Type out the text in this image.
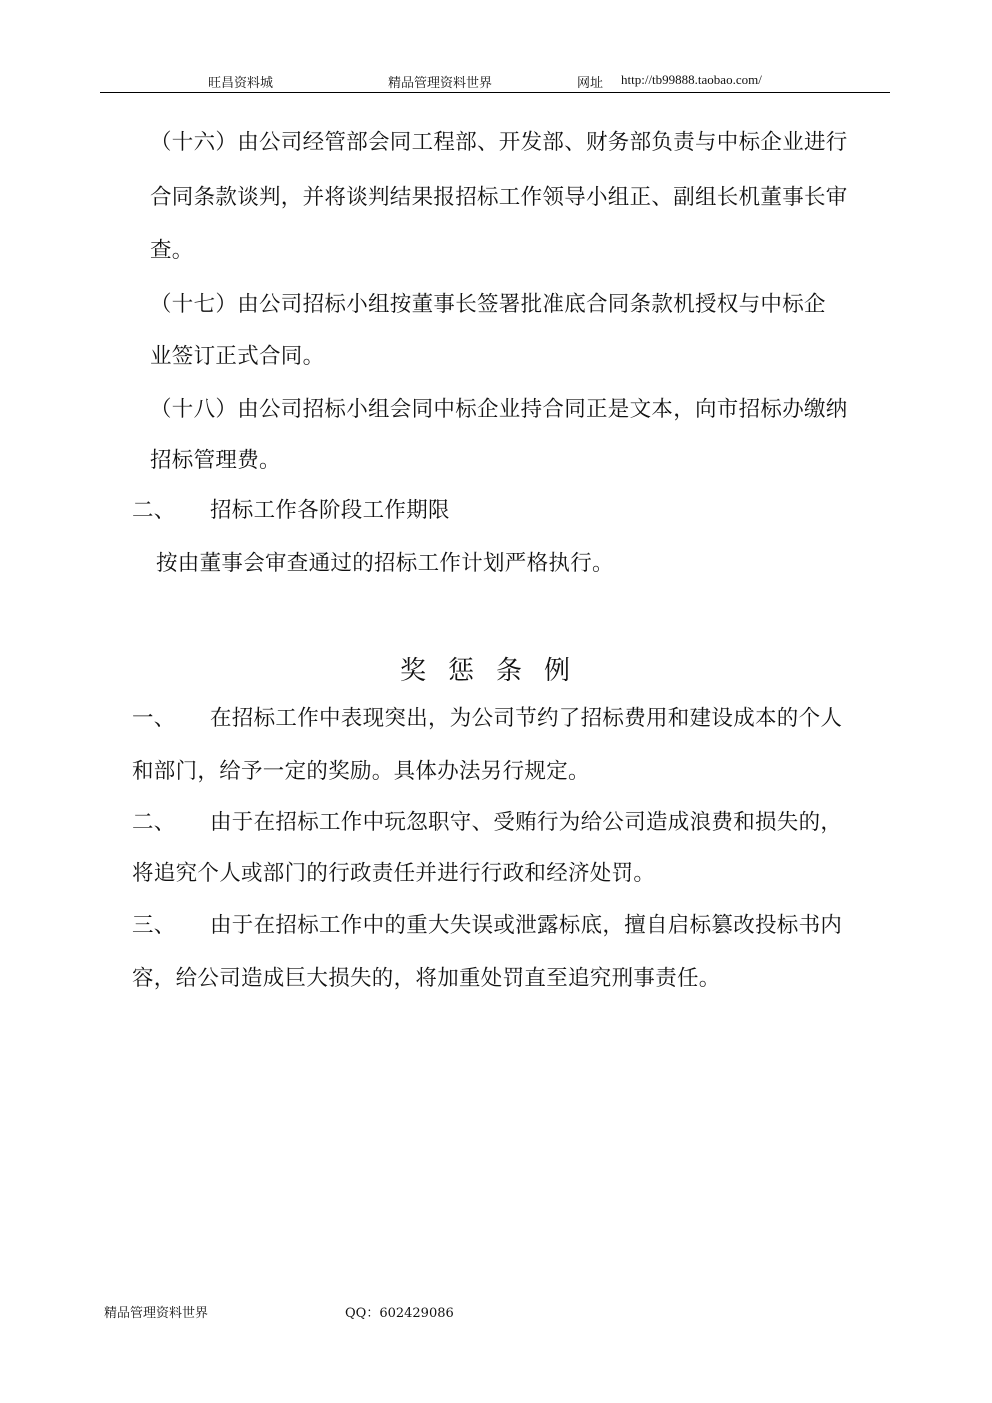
旺昌资料城	精品管理资料世界	网址 http://tb99888.taobao.com/
（十六）由公司经管部会同工程部、开发部、财务部负责与中标企业进行
合同条款谈判，并将谈判结果报招标工作领导小组正、副组长机董事长审
查。
（十七）由公司招标小组按董事长签署批准底合同条款机授权与中标企
业签订正式合同。
（十八）由公司招标小组会同中标企业持合同正是文本，向市招标办缴纳
招标管理费。
二、 招标工作各阶段工作期限
按由董事会审查通过的招标工作计划严格执行。
奖惩条例
一、 在招标工作中表现突出，为公司节约了招标费用和建设成本的个人
和部门，给予一定的奖励。具体办法另行规定。
二、 由于在招标工作中玩忽职守、受贿行为给公司造成浪费和损失的，
将追究个人或部门的行政责任并进行行政和经济处罚。
三、 由于在招标工作中的重大失误或泄露标底，擅自启标篡改投标书内
容，给公司造成巨大损失的，将加重处罚直至追究刑事责任。
精品管理资料世界	QQ：602429086
